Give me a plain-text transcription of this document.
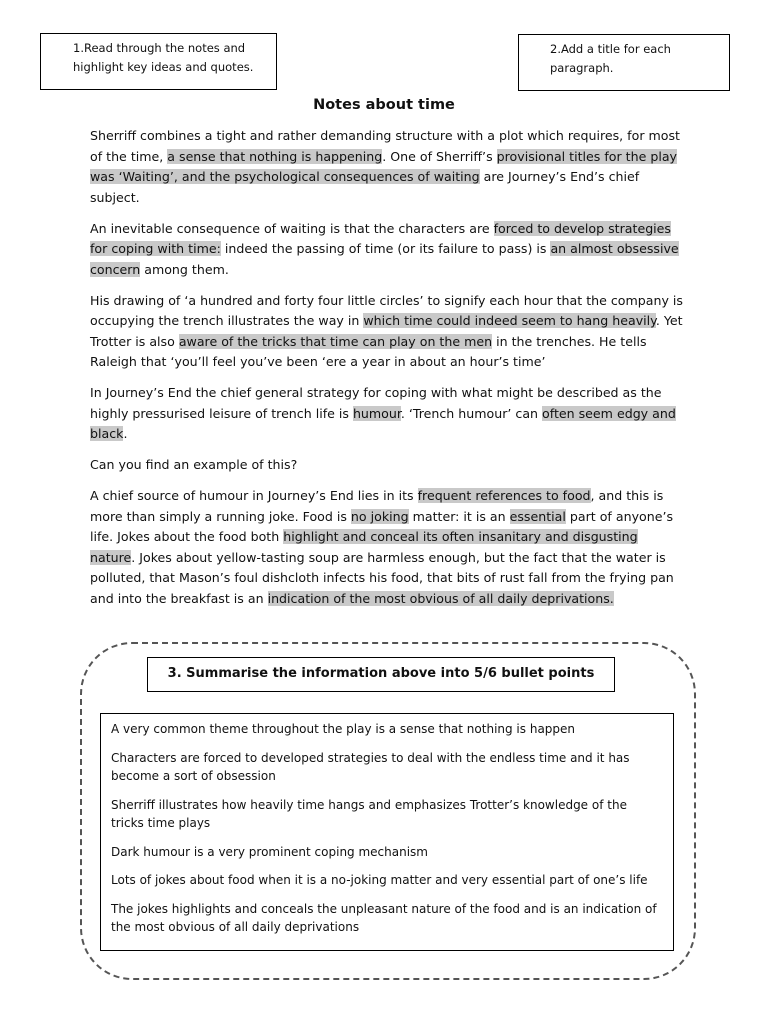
1.Read through the notes and highlight key ideas and quotes.
2.Add a title for each paragraph.
Notes about time

Sherriff combines a tight and rather demanding structure with a plot which requires, for most of the time, a sense that nothing is happening. One of Sherriff’s provisional titles for the play was ‘Waiting’, and the psychological consequences of waiting are Journey’s End’s chief subject.

An inevitable consequence of waiting is that the characters are forced to develop strategies for coping with time: indeed the passing of time (or its failure to pass) is an almost obsessive concern among them.

His drawing of ‘a hundred and forty four little circles’ to signify each hour that the company is occupying the trench illustrates the way in which time could indeed seem to hang heavily. Yet Trotter is also aware of the tricks that time can play on the men in the trenches. He tells Raleigh that ‘you’ll feel you’ve been ‘ere a year in about an hour’s time’

In Journey’s End the chief general strategy for coping with what might be described as the highly pressurised leisure of trench life is humour. ‘Trench humour’ can often seem edgy and black.

Can you find an example of this?

A chief source of humour in Journey’s End lies in its frequent references to food, and this is more than simply a running joke. Food is no joking matter: it is an essential part of anyone’s life. Jokes about the food both highlight and conceal its often insanitary and disgusting nature. Jokes about yellow-tasting soup are harmless enough, but the fact that the water is polluted, that Mason’s foul dishcloth infects his food, that bits of rust fall from the frying pan and into the breakfast is an indication of the most obvious of all daily deprivations.

3. Summarise the information above into 5/6 bullet points

A very common theme throughout the play is a sense that nothing is happen

Characters are forced to developed strategies to deal with the endless time and it has become a sort of obsession

Sherriff illustrates how heavily time hangs and emphasizes Trotter’s knowledge of the tricks time plays

Dark humour is a very prominent coping mechanism

Lots of jokes about food when it is a no-joking matter and very essential part of one’s life

The jokes highlights and conceals the unpleasant nature of the food and is an indication of the most obvious of all daily deprivations
